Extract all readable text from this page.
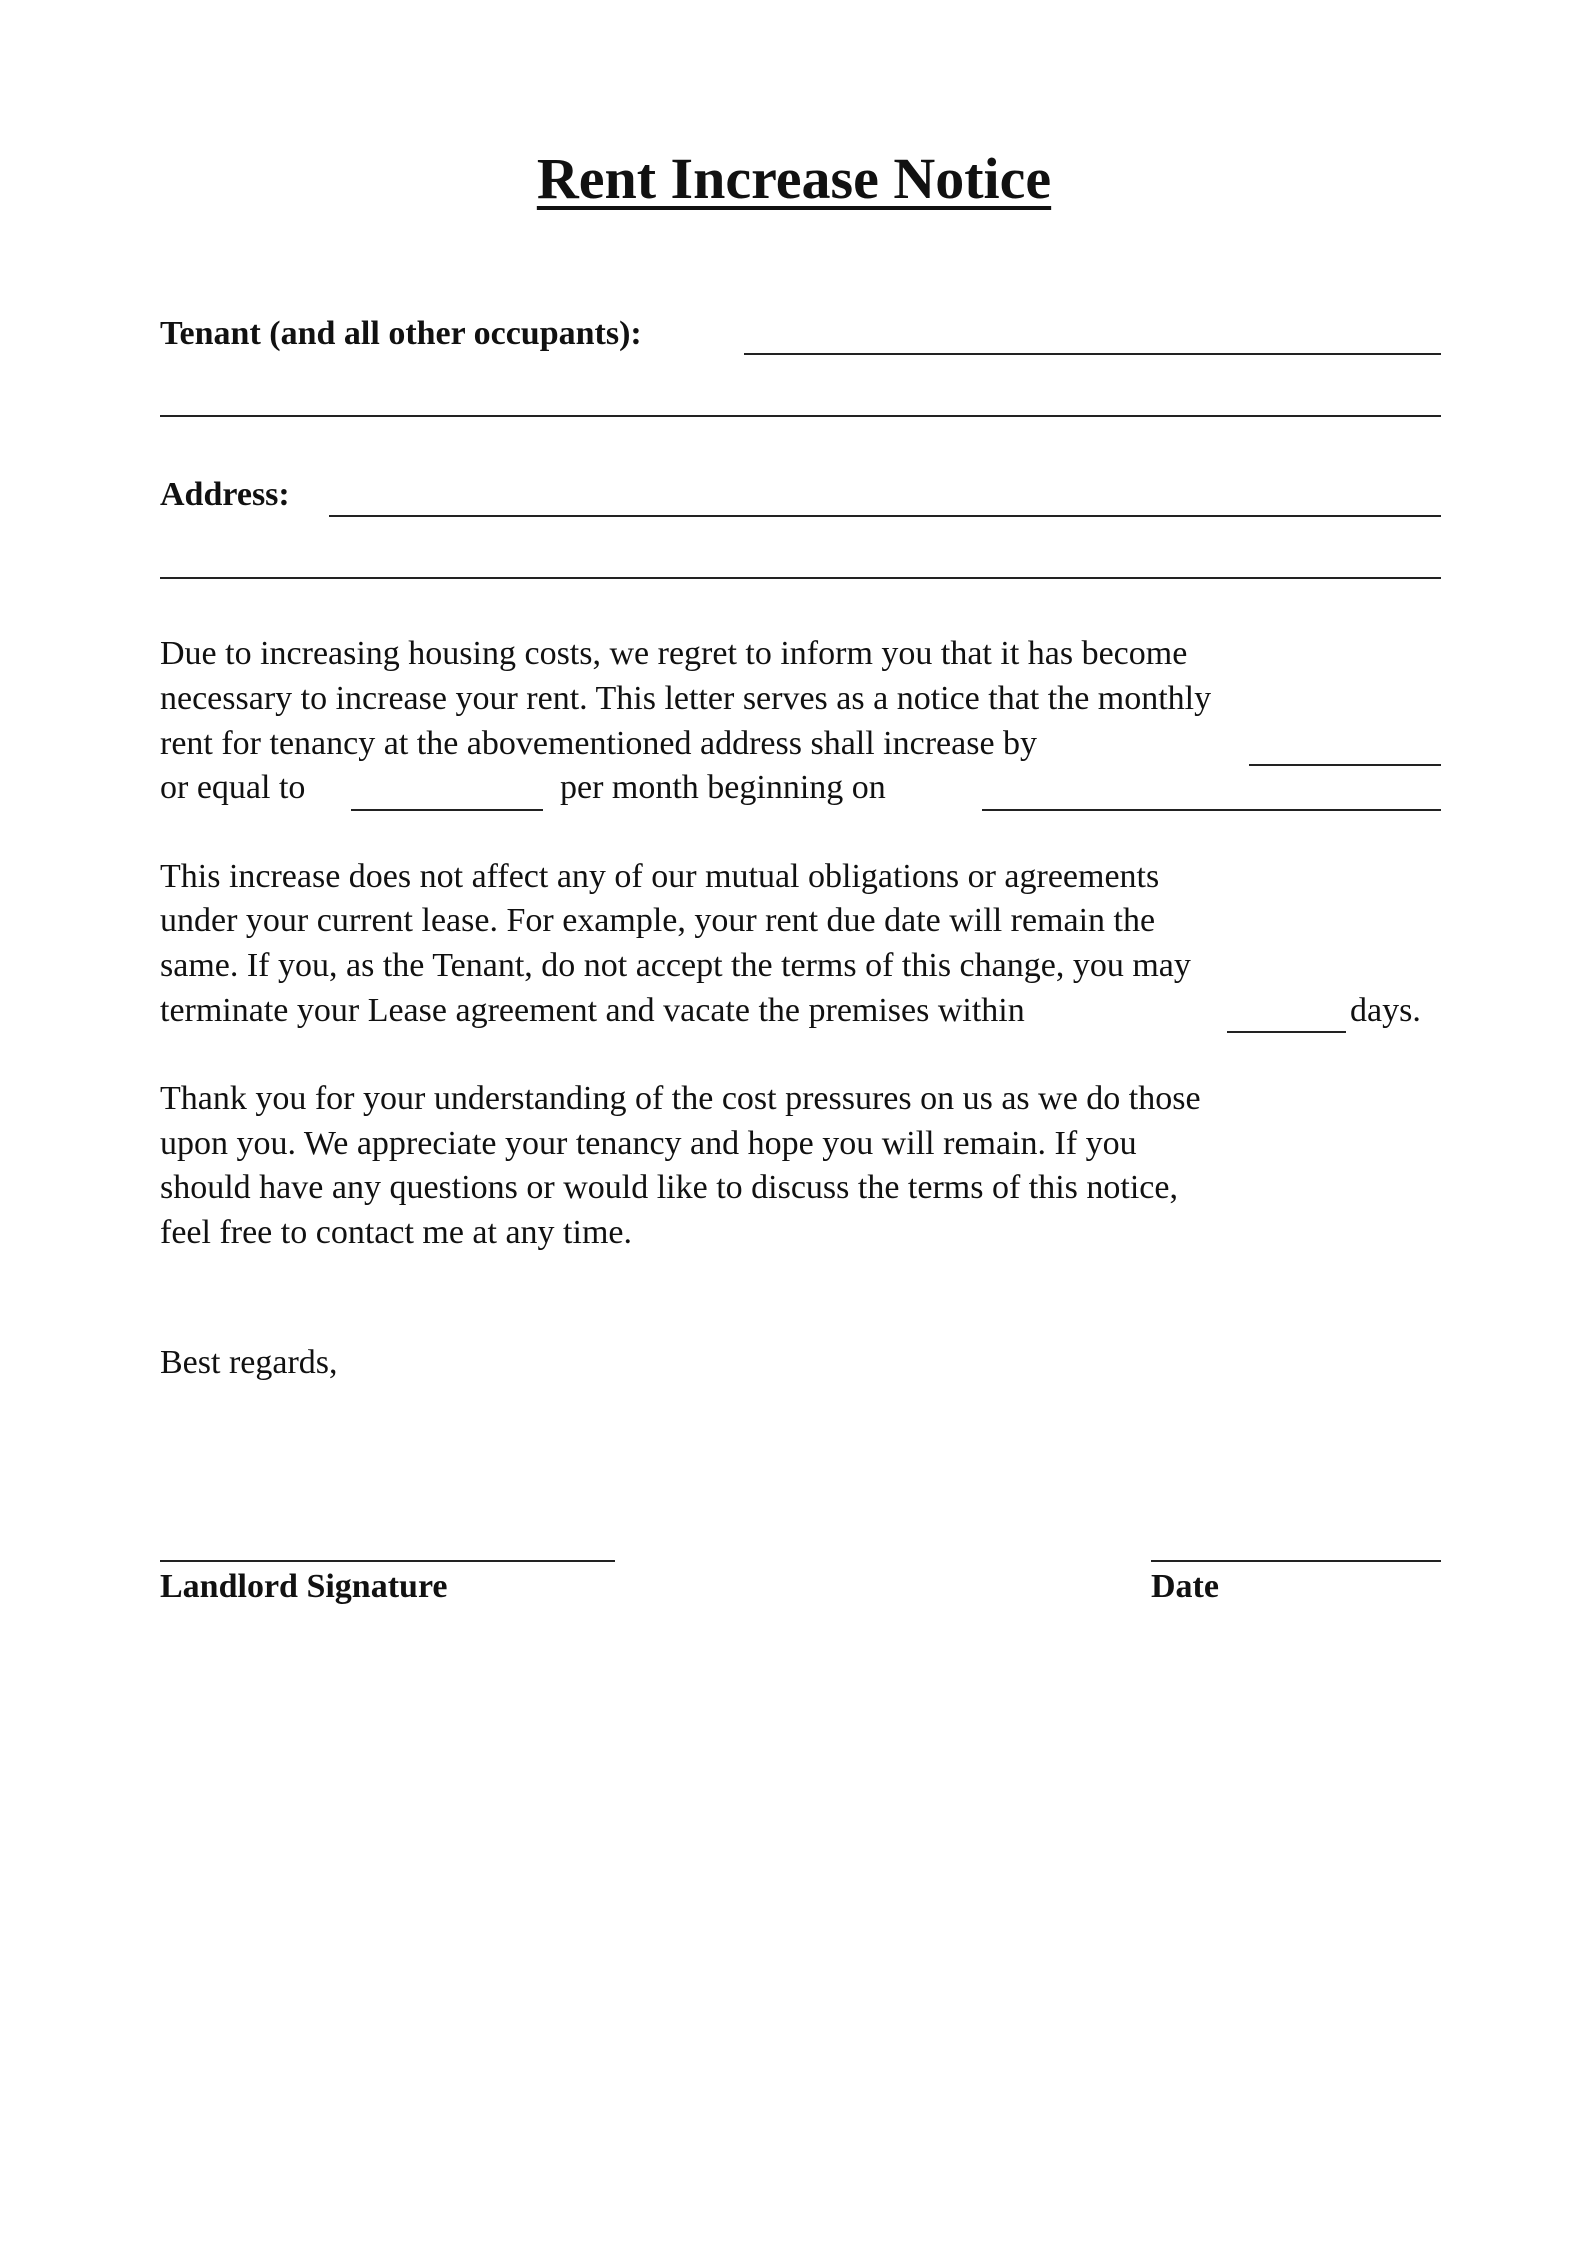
Rent Increase Notice
Tenant (and all other occupants):
Address:
Due to increasing housing costs, we regret to inform you that it has become
necessary to increase your rent. This letter serves as a notice that the monthly
rent for tenancy at the abovementioned address shall increase by
or equal to	per month beginning on
This increase does not affect any of our mutual obligations or agreements
under your current lease. For example, your rent due date will remain the
same. If you, as the Tenant, do not accept the terms of this change, you may
terminate your Lease agreement and vacate the premises within	days.
Thank you for your understanding of the cost pressures on us as we do those
upon you. We appreciate your tenancy and hope you will remain. If you
should have any questions or would like to discuss the terms of this notice,
feel free to contact me at any time.
Best regards,
Landlord Signature	Date
